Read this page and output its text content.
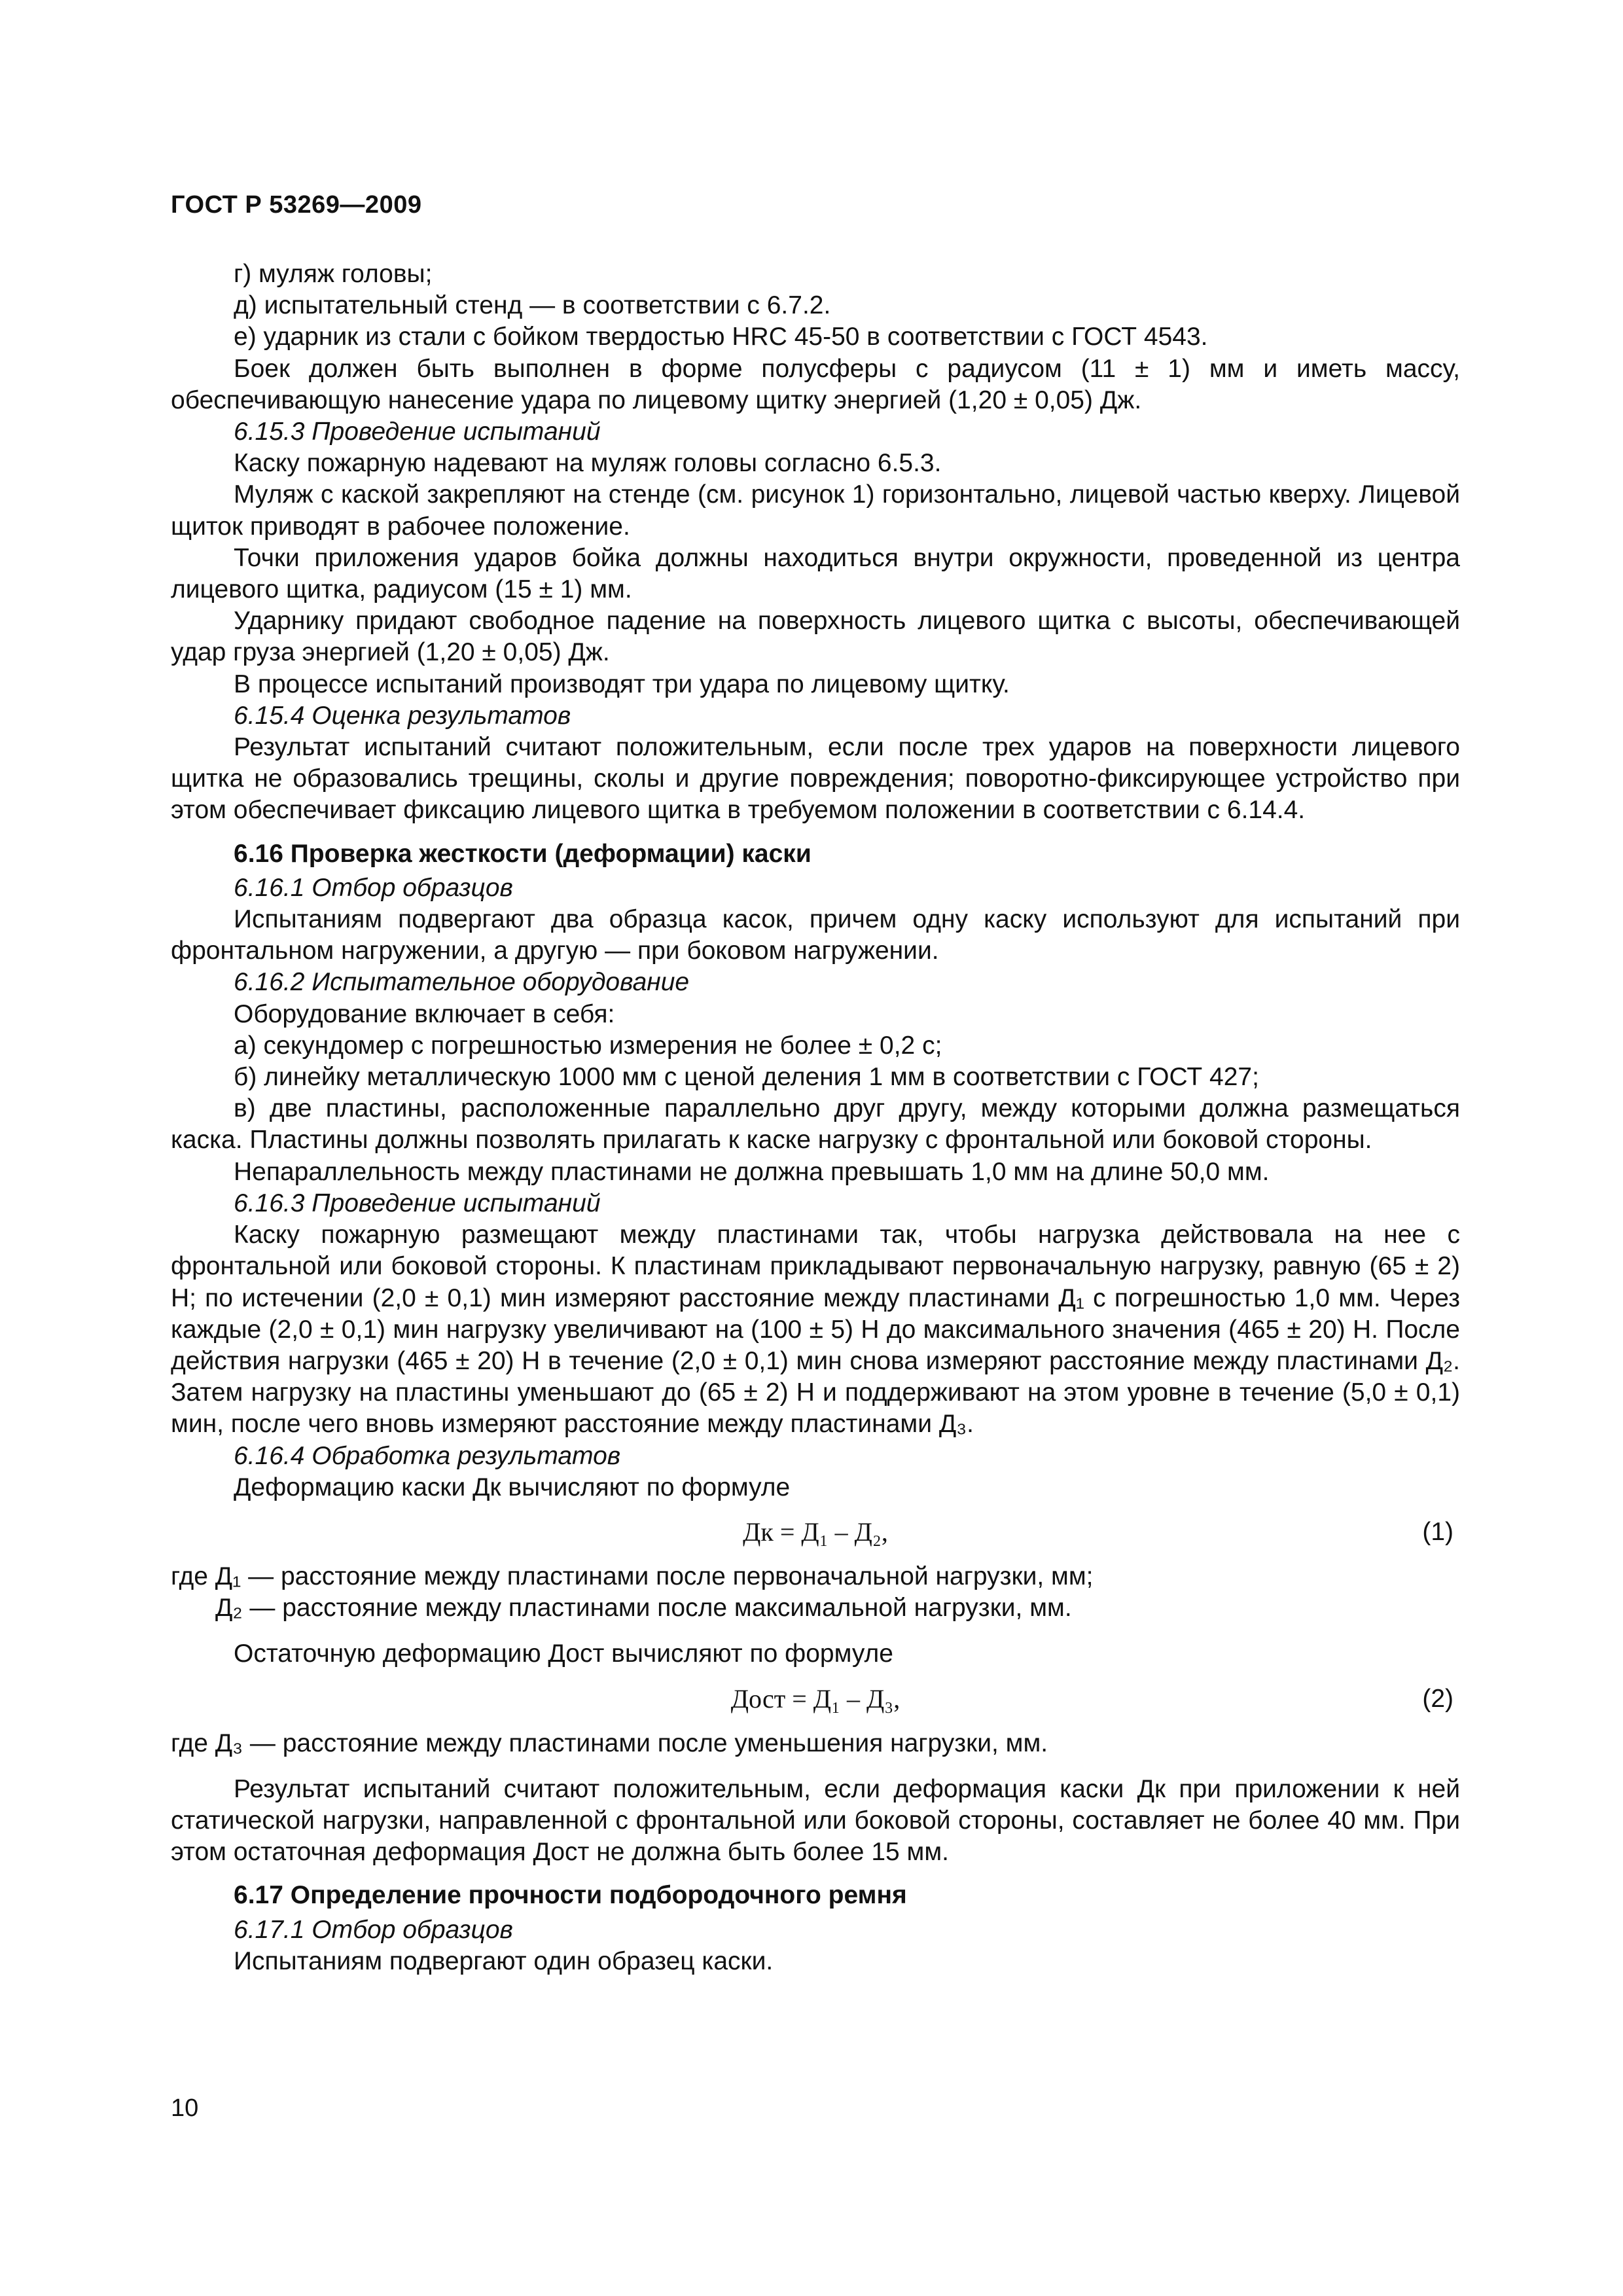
ГОСТ Р 53269—2009

г) муляж головы;

д) испытательный стенд — в соответствии с 6.7.2.

е) ударник из стали с бойком твердостью HRC 45-50 в соответствии с ГОСТ 4543.

Боек должен быть выполнен в форме полусферы с радиусом (11 ± 1) мм и иметь массу, обеспечивающую нанесение удара по лицевому щитку энергией (1,20 ± 0,05) Дж.

6.15.3 Проведение испытаний

Каску пожарную надевают на муляж головы согласно 6.5.3.

Муляж с каской закрепляют на стенде (см. рисунок 1) горизонтально, лицевой частью кверху. Лицевой щиток приводят в рабочее положение.

Точки приложения ударов бойка должны находиться внутри окружности, проведенной из центра лицевого щитка, радиусом (15 ± 1) мм.

Ударнику придают свободное падение на поверхность лицевого щитка с высоты, обеспечивающей удар груза энергией (1,20 ± 0,05) Дж.

В процессе испытаний производят три удара по лицевому щитку.

6.15.4 Оценка результатов

Результат испытаний считают положительным, если после трех ударов на поверхности лицевого щитка не образовались трещины, сколы и другие повреждения; поворотно-фиксирующее устройство при этом обеспечивает фиксацию лицевого щитка в требуемом положении в соответствии с 6.14.4.

6.16 Проверка жесткости (деформации) каски

6.16.1 Отбор образцов

Испытаниям подвергают два образца касок, причем одну каску используют для испытаний при фронтальном нагружении, а другую — при боковом нагружении.

6.16.2 Испытательное оборудование

Оборудование включает в себя:

а) секундомер с погрешностью измерения не более ± 0,2 с;

б) линейку металлическую 1000 мм с ценой деления 1 мм в соответствии с ГОСТ 427;

в) две пластины, расположенные параллельно друг другу, между которыми должна размещаться каска. Пластины должны позволять прилагать к каске нагрузку с фронтальной или боковой стороны.

Непараллельность между пластинами не должна превышать 1,0 мм на длине 50,0 мм.

6.16.3 Проведение испытаний

Каску пожарную размещают между пластинами так, чтобы нагрузка действовала на нее с фронтальной или боковой стороны. К пластинам прикладывают первоначальную нагрузку, равную (65 ± 2) Н; по истечении (2,0 ± 0,1) мин измеряют расстояние между пластинами Д₁ с погрешностью 1,0 мм. Через каждые (2,0 ± 0,1) мин нагрузку увеличивают на (100 ± 5) Н до максимального значения (465 ± 20) Н. После действия нагрузки (465 ± 20) Н в течение (2,0 ± 0,1) мин снова измеряют расстояние между пластинами Д₂. Затем нагрузку на пластины уменьшают до (65 ± 2) Н и поддерживают на этом уровне в течение (5,0 ± 0,1) мин, после чего вновь измеряют расстояние между пластинами Д₃.

6.16.4 Обработка результатов

Деформацию каски Дк вычисляют по формуле

Дк = Д₁ – Д₂,	(1)

где Д₁ — расстояние между пластинами после первоначальной нагрузки, мм;

Д₂ — расстояние между пластинами после максимальной нагрузки, мм.

Остаточную деформацию Дост вычисляют по формуле

Дост = Д₁ – Д₃,	(2)

где Д₃ — расстояние между пластинами после уменьшения нагрузки, мм.

Результат испытаний считают положительным, если деформация каски Дк при приложении к ней статической нагрузки, направленной с фронтальной или боковой стороны, составляет не более 40 мм. При этом остаточная деформация Дост не должна быть более 15 мм.

6.17 Определение прочности подбородочного ремня

6.17.1 Отбор образцов

Испытаниям подвергают один образец каски.

10
